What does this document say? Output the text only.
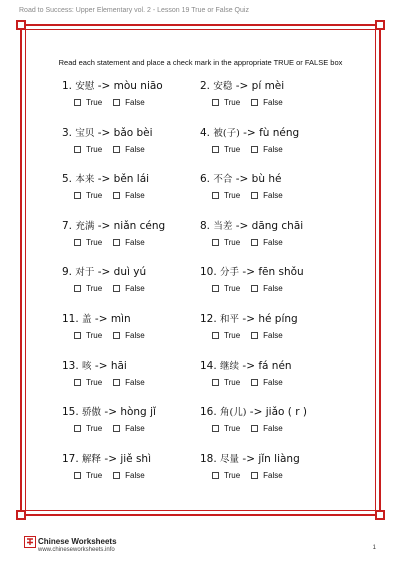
Road to Success: Upper Elementary vol. 2 - Lesson 19 True or False Quiz
Read each statement and place a check mark in the appropriate TRUE or FALSE box
1. 安慰 -> mòu niāo
True	False
2. 安稳 -> pí mèi
True	False
3. 宝贝 -> bǎo bèi
True	False
4. 被(子) -> fù néng
True	False
5. 本来 -> běn lái
True	False
6. 不合 -> bù hé
True	False
7. 充满 -> niǎn céng
True	False
8. 当差 -> dāng chāi
True	False
9. 对于 -> duì yú
True	False
10. 分手 -> fēn shǒu
True	False
11. 盖 -> mìn
True	False
12. 和平 -> hé píng
True	False
13. 咳 -> hāi
True	False
14. 继续 -> fá nén
True	False
15. 骄傲 -> hòng jǐ
True	False
16. 角(儿) -> jiǎo ( r )
True	False
17. 解释 -> jiě shì
True	False
18. 尽量 -> jǐn liàng
True	False
Chinese Worksheets
www.chineseworksheets.info	1
